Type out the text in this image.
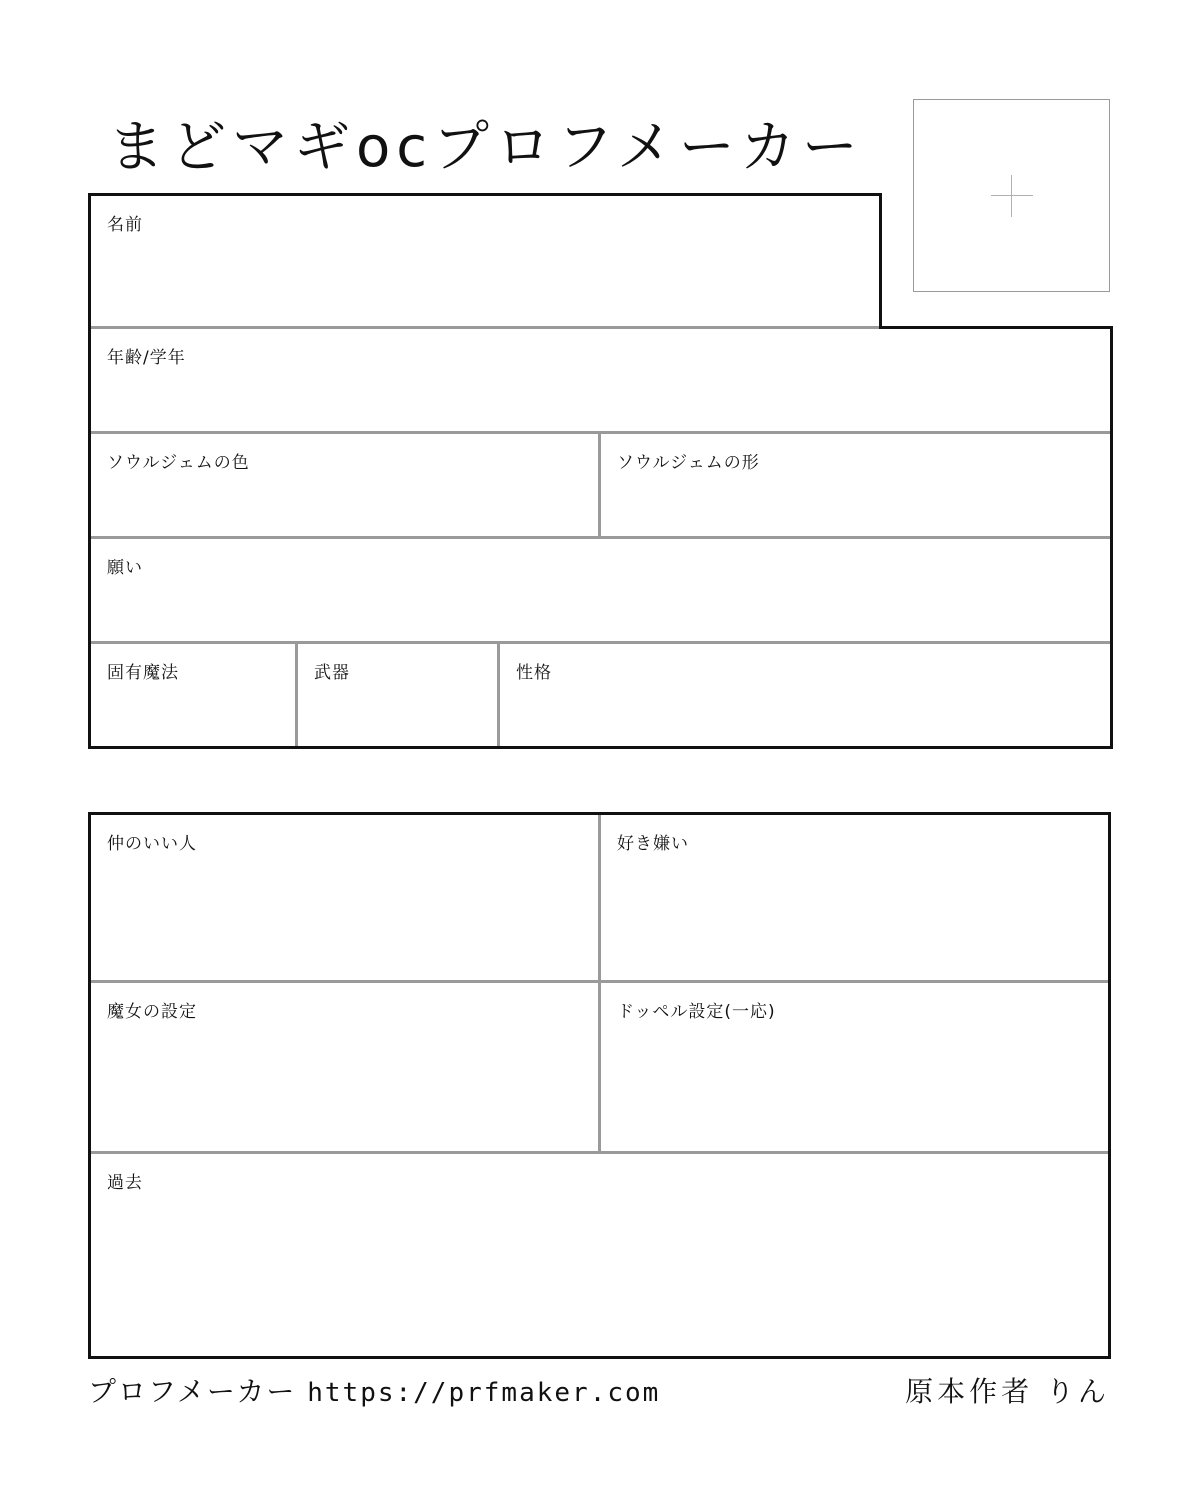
まどマギocプロフメーカー
名前
年齢/学年
ソウルジェムの色	ソウルジェムの形
願い
固有魔法	武器	性格
仲のいい人	好き嫌い
魔女の設定	ドッペル設定(一応)
過去
プロフメーカー https://prfmaker.com	原本作者 りん
